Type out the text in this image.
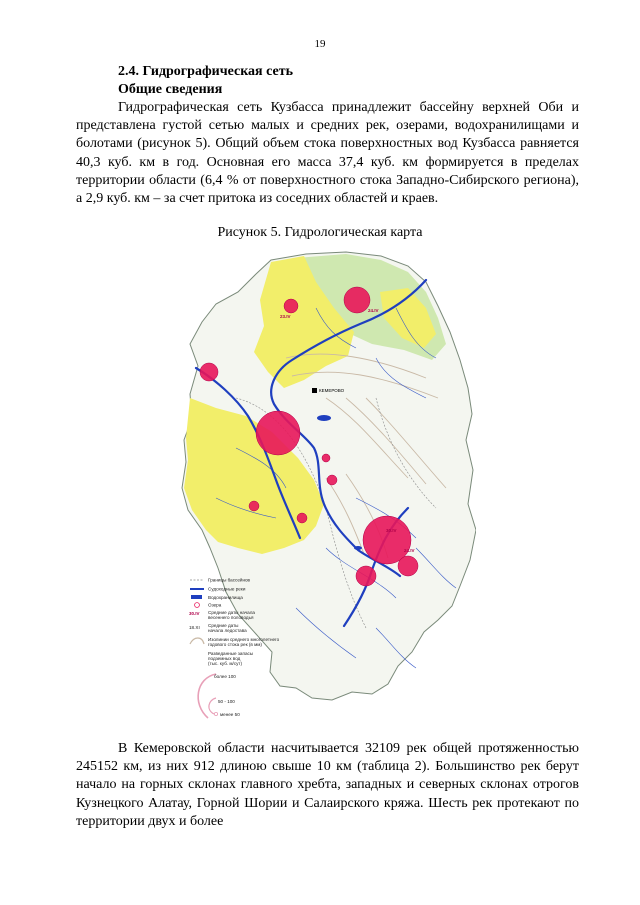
19
2.4. Гидрографическая сеть
Общие сведения

Гидрографическая сеть Кузбасса принадлежит бассейну верхней Оби и представлена густой сетью малых и средних рек, озерами, водохранилищами и болотами (рисунок 5). Общий объем стока поверхностных вод Кузбасса равняется 40,3 куб. км в год. Основная его масса 37,4 куб. км формируется в пределах территории области (6,4 % от поверхностного стока Западно-Сибирского региона), а 2,9 куб. км – за счет притока из соседних областей и краев.

Рисунок 5. Гидрологическая карта
КЕМЕРОВО
23.IV
24.IV
30.IV
24.IV
Границы бассейнов
Судоходные реки
Водохранилища
Озера
30.IV Средние даты начала
весеннего половодья
18.XI Средние даты
начала ледостава
Изолинии среднего многолетнего
годового стока рек (в мм)
Разведанные запасы
подземных вод
(тыс. куб. м/сут)
более 100
50 - 100
менее 50

В Кемеровской области насчитывается 32109 рек общей протяженностью 245152 км, из них 912 длиною свыше 10 км (таблица 2). Большинство рек берут начало на горных склонах главного хребта, западных и северных склонах отрогов Кузнецкого Алатау, Горной Шории и Салаирского кряжа. Шесть рек протекают по территории двух и более
